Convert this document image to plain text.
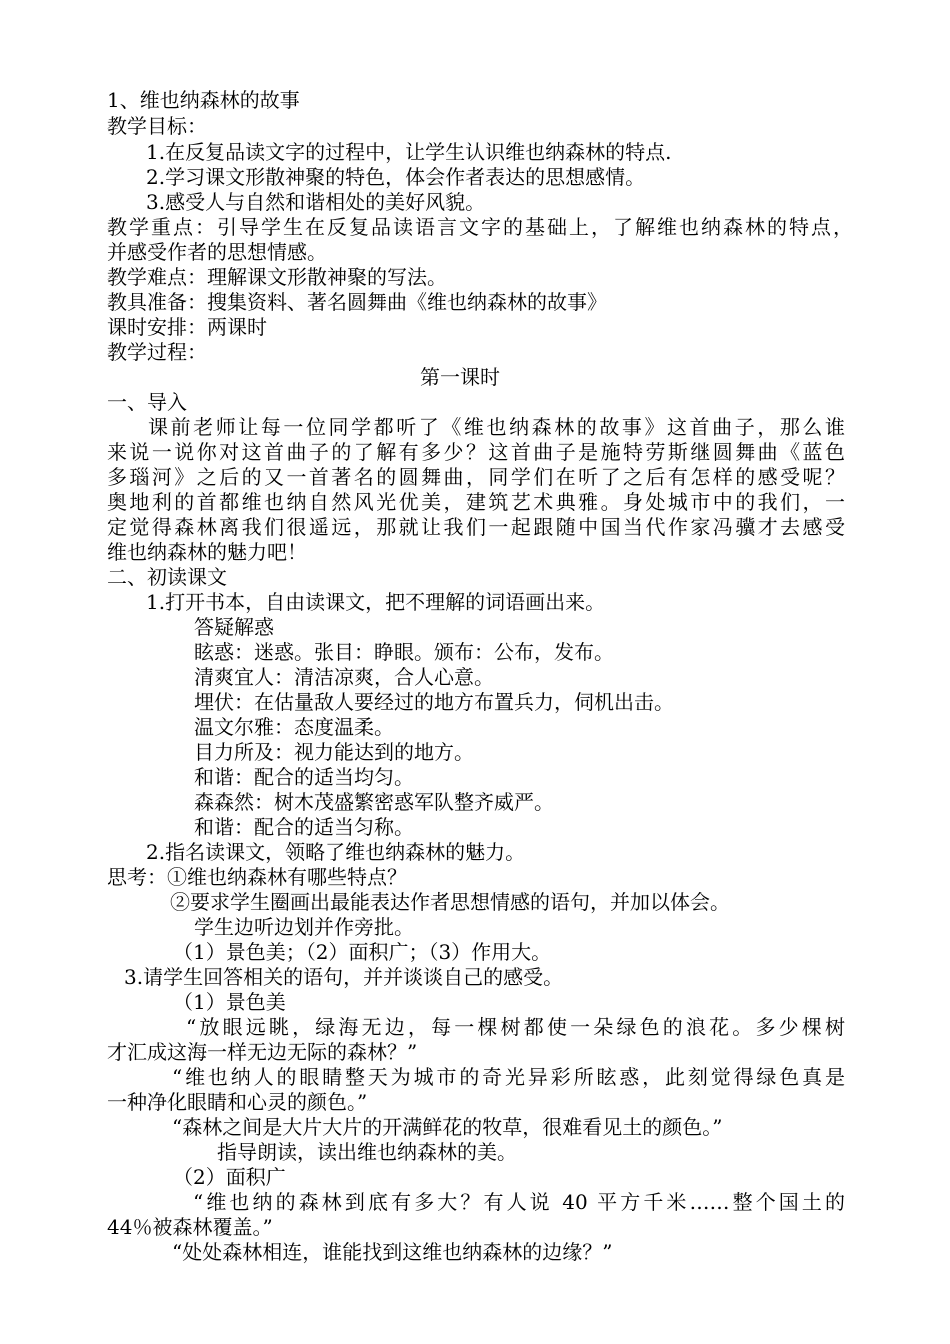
1、维也纳森林的故事
教学目标：
1.在反复品读文字的过程中，让学生认识维也纳森林的特点.
2.学习课文形散神聚的特色，体会作者表达的思想感情。
3.感受人与自然和谐相处的美好风貌。
教学重点：引导学生在反复品读语言文字的基础上，了解维也纳森林的特点，
并感受作者的思想情感。
教学难点：理解课文形散神聚的写法。
教具准备：搜集资料、著名圆舞曲《维也纳森林的故事》
课时安排：两课时
教学过程：
第一课时
一、导入
课前老师让每一位同学都听了《维也纳森林的故事》这首曲子，那么谁
来说一说你对这首曲子的了解有多少？这首曲子是施特劳斯继圆舞曲《蓝色
多瑙河》之后的又一首著名的圆舞曲，同学们在听了之后有怎样的感受呢？
奥地利的首都维也纳自然风光优美，建筑艺术典雅。身处城市中的我们，一
定觉得森林离我们很遥远，那就让我们一起跟随中国当代作家冯骥才去感受
维也纳森林的魅力吧！
二、初读课文
1.打开书本，自由读课文，把不理解的词语画出来。
答疑解惑
眩惑：迷惑。张目：睁眼。颁布：公布，发布。
清爽宜人：清洁凉爽，合人心意。
埋伏：在估量敌人要经过的地方布置兵力，伺机出击。
温文尔雅：态度温柔。
目力所及：视力能达到的地方。
和谐：配合的适当均匀。
森森然：树木茂盛繁密惑军队整齐威严。
和谐：配合的适当匀称。
2.指名读课文，领略了维也纳森林的魅力。
思考：①维也纳森林有哪些特点？
②要求学生圈画出最能表达作者思想情感的语句，并加以体会。
学生边听边划并作旁批。
（1）景色美；（2）面积广；（3）作用大。
3.请学生回答相关的语句，并并谈谈自己的感受。
（1）景色美
“放眼远眺，绿海无边，每一棵树都使一朵绿色的浪花。多少棵树
才汇成这海一样无边无际的森林？”
“维也纳人的眼睛整天为城市的奇光异彩所眩惑，此刻觉得绿色真是
一种净化眼睛和心灵的颜色。”
“森林之间是大片大片的开满鲜花的牧草，很难看见土的颜色。”
指导朗读，读出维也纳森林的美。
（2）面积广
“维也纳的森林到底有多大？有人说 40 平方千米……整个国土的
44％被森林覆盖。”
“处处森林相连，谁能找到这维也纳森林的边缘？”
